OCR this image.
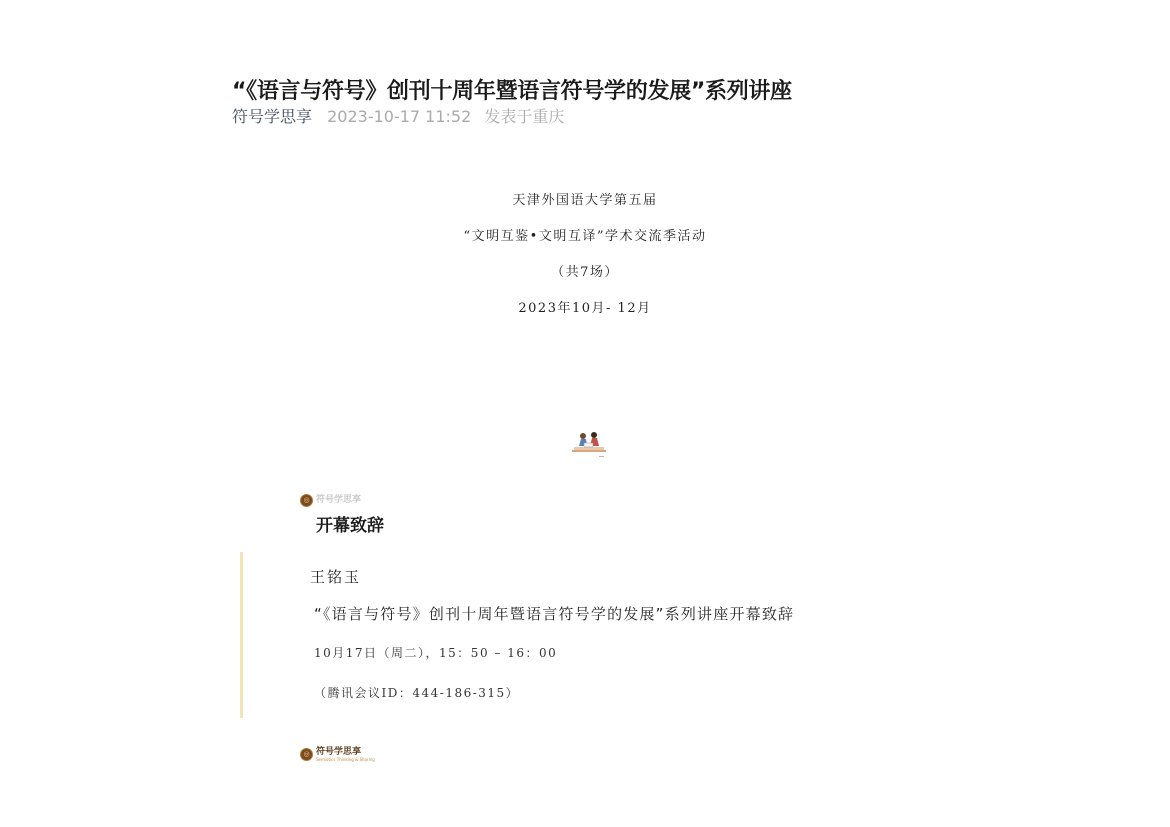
“《语言与符号》创刊十周年暨语言符号学的发展”系列讲座
符号学思享 2023-10-17 11:52 发表于重庆

天津外国语大学第五届

“文明互鉴•文明互译”学术交流季活动

（共7场）

2023年10月- 12月

◎ 符号学思享
开幕致辞
王铭玉
“《语言与符号》创刊十周年暨语言符号学的发展”系列讲座开幕致辞
10月17日（周二），15：50 – 16：00
（腾讯会议ID：444-186-315）
◎ 符号学思享
Semiotics Thinking & Sharing
